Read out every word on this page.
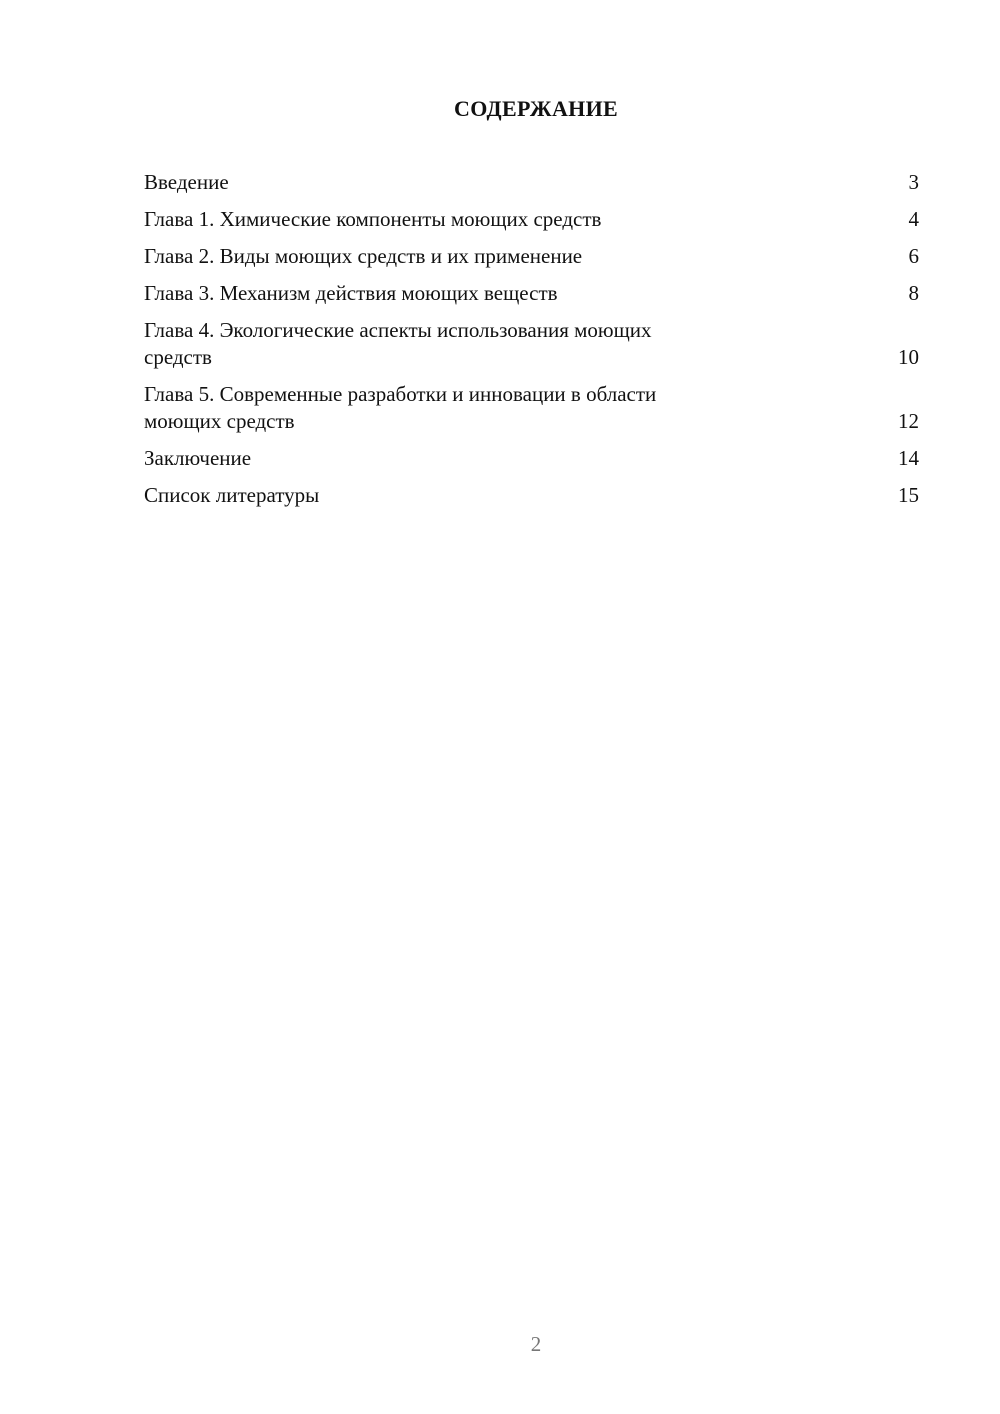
СОДЕРЖАНИЕ
Введение	3
Глава 1. Химические компоненты моющих средств	4
Глава 2. Виды моющих средств и их применение	6
Глава 3. Механизм действия моющих веществ	8
Глава 4. Экологические аспекты использования моющих
средств	10
Глава 5. Современные разработки и инновации в области
моющих средств	12
Заключение	14
Список литературы	15
2
